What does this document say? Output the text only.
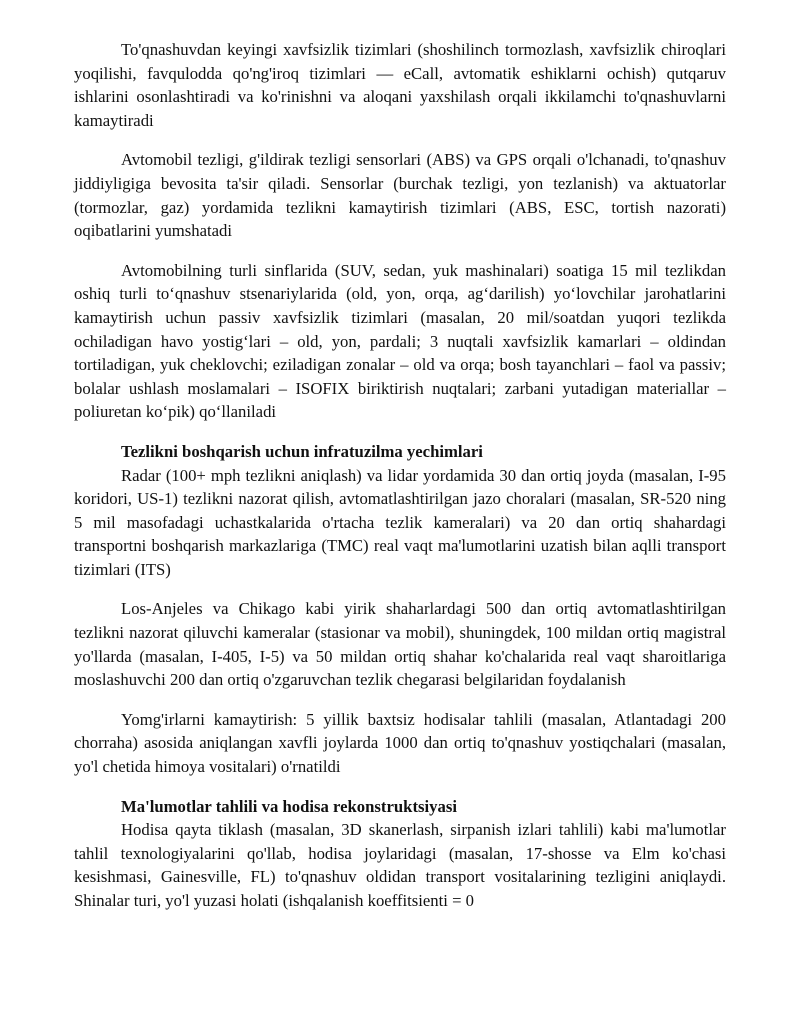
To'qnashuvdan keyingi xavfsizlik tizimlari (shoshilinch tormozlash, xavfsizlik chiroqlari yoqilishi, favqulodda qo'ng'iroq tizimlari — eCall, avtomatik eshiklarni ochish) qutqaruv ishlarini osonlashtiradi va ko'rinishni va aloqani yaxshilash orqali ikkilamchi to'qnashuvlarni kamaytiradi

Avtomobil tezligi, g'ildirak tezligi sensorlari (ABS) va GPS orqali o'lchanadi, to'qnashuv jiddiyligiga bevosita ta'sir qiladi. Sensorlar (burchak tezligi, yon tezlanish) va aktuatorlar (tormozlar, gaz) yordamida tezlikni kamaytirish tizimlari (ABS, ESC, tortish nazorati) oqibatlarini yumshatadi

Avtomobilning turli sinflarida (SUV, sedan, yuk mashinalari) soatiga 15 mil tezlikdan oshiq turli to‘qnashuv stsenariylarida (old, yon, orqa, ag‘darilish) yo‘lovchilar jarohatlarini kamaytirish uchun passiv xavfsizlik tizimlari (masalan, 20 mil/soatdan yuqori tezlikda ochiladigan havo yostig‘lari – old, yon, pardali; 3 nuqtali xavfsizlik kamarlari – oldindan tortiladigan, yuk cheklovchi; eziladigan zonalar – old va orqa; bosh tayanchlari – faol va passiv; bolalar ushlash moslamalari – ISOFIX biriktirish nuqtalari; zarbani yutadigan materiallar – poliuretan ko‘pik) qo‘llaniladi

Tezlikni boshqarish uchun infratuzilma yechimlari

Radar (100+ mph tezlikni aniqlash) va lidar yordamida 30 dan ortiq joyda (masalan, I-95 koridori, US-1) tezlikni nazorat qilish, avtomatlashtirilgan jazo choralari (masalan, SR-520 ning 5 mil masofadagi uchastkalarida o'rtacha tezlik kameralari) va 20 dan ortiq shahardagi transportni boshqarish markazlariga (TMC) real vaqt ma'lumotlarini uzatish bilan aqlli transport tizimlari (ITS)

Los-Anjeles va Chikago kabi yirik shaharlardagi 500 dan ortiq avtomatlashtirilgan tezlikni nazorat qiluvchi kameralar (stasionar va mobil), shuningdek, 100 mildan ortiq magistral yo'llarda (masalan, I-405, I-5) va 50 mildan ortiq shahar ko'chalarida real vaqt sharoitlariga moslashuvchi 200 dan ortiq o'zgaruvchan tezlik chegarasi belgilaridan foydalanish

Yomg'irlarni kamaytirish: 5 yillik baxtsiz hodisalar tahlili (masalan, Atlantadagi 200 chorraha) asosida aniqlangan xavfli joylarda 1000 dan ortiq to'qnashuv yostiqchalari (masalan, yo'l chetida himoya vositalari) o'rnatildi

Ma'lumotlar tahlili va hodisa rekonstruktsiyasi

Hodisa qayta tiklash (masalan, 3D skanerlash, sirpanish izlari tahlili) kabi ma'lumotlar tahlil texnologiyalarini qo'llab, hodisa joylaridagi (masalan, 17-shosse va Elm ko'chasi kesishmasi, Gainesville, FL) to'qnashuv oldidan transport vositalarining tezligini aniqlaydi. Shinalar turi, yo'l yuzasi holati (ishqalanish koeffitsienti = 0
